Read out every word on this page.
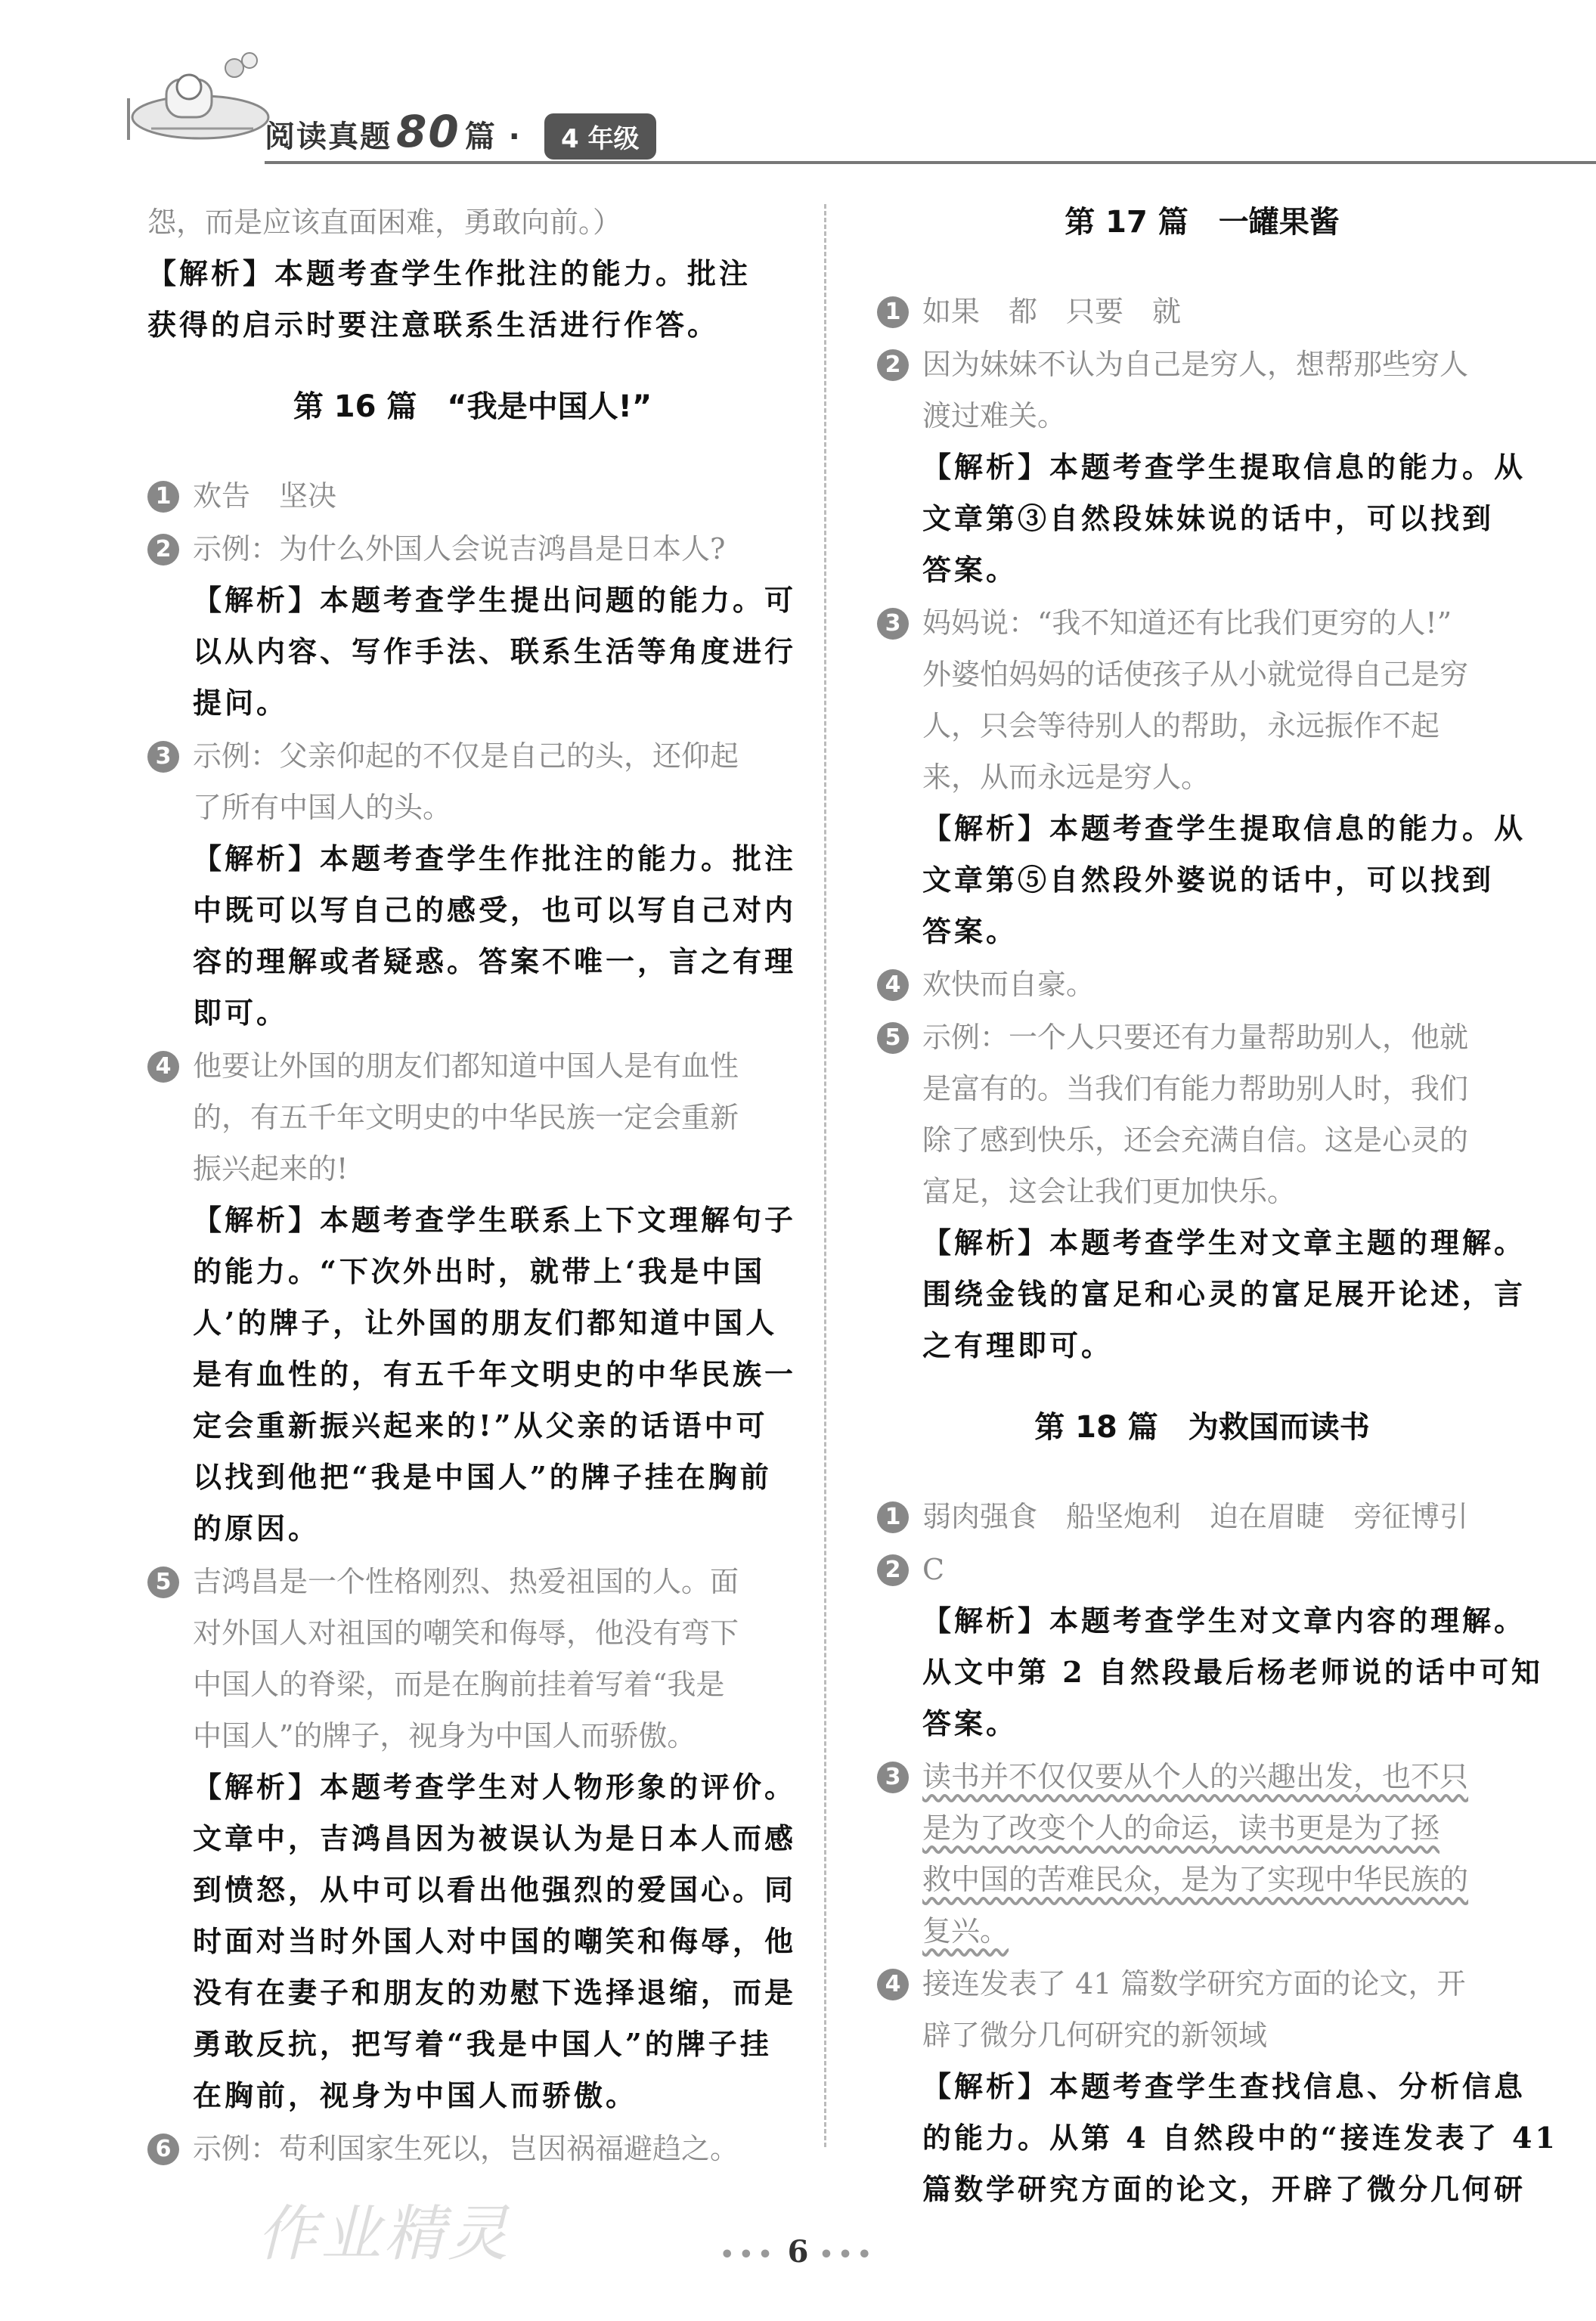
阅读真题 80 篇 ·	4 年级
怨，而是应该直面困难，勇敢向前。）
【解析】本题考查学生作批注的能力。批注
获得的启示时要注意联系生活进行作答。
第 16 篇　“我是中国人!”
1 欢告　坚决
2 示例：为什么外国人会说吉鸿昌是日本人?
【解析】本题考查学生提出问题的能力。可
以从内容、写作手法、联系生活等角度进行
提问。
3 示例：父亲仰起的不仅是自己的头，还仰起
了所有中国人的头。
【解析】本题考查学生作批注的能力。批注
中既可以写自己的感受，也可以写自己对内
容的理解或者疑惑。答案不唯一，言之有理
即可。
4 他要让外国的朋友们都知道中国人是有血性
的，有五千年文明史的中华民族一定会重新
振兴起来的!
【解析】本题考查学生联系上下文理解句子
的能力。“下次外出时，就带上‘我是中国
人’的牌子，让外国的朋友们都知道中国人
是有血性的，有五千年文明史的中华民族一
定会重新振兴起来的!”从父亲的话语中可
以找到他把“我是中国人”的牌子挂在胸前
的原因。
5 吉鸿昌是一个性格刚烈、热爱祖国的人。面
对外国人对祖国的嘲笑和侮辱，他没有弯下
中国人的脊梁，而是在胸前挂着写着“我是
中国人”的牌子，视身为中国人而骄傲。
【解析】本题考查学生对人物形象的评价。
文章中，吉鸿昌因为被误认为是日本人而感
到愤怒，从中可以看出他强烈的爱国心。同
时面对当时外国人对中国的嘲笑和侮辱，他
没有在妻子和朋友的劝慰下选择退缩，而是
勇敢反抗，把写着“我是中国人”的牌子挂
在胸前，视身为中国人而骄傲。
6 示例：苟利国家生死以，岂因祸福避趋之。
第 17 篇　一罐果酱
1 如果　都　只要　就
2 因为妹妹不认为自己是穷人，想帮那些穷人
渡过难关。
【解析】本题考查学生提取信息的能力。从
文章第③自然段妹妹说的话中，可以找到
答案。
3 妈妈说：“我不知道还有比我们更穷的人!”
外婆怕妈妈的话使孩子从小就觉得自己是穷
人，只会等待别人的帮助，永远振作不起
来，从而永远是穷人。
【解析】本题考查学生提取信息的能力。从
文章第⑤自然段外婆说的话中，可以找到
答案。
4 欢快而自豪。
5 示例：一个人只要还有力量帮助别人，他就
是富有的。当我们有能力帮助别人时，我们
除了感到快乐，还会充满自信。这是心灵的
富足，这会让我们更加快乐。
【解析】本题考查学生对文章主题的理解。
围绕金钱的富足和心灵的富足展开论述，言
之有理即可。
第 18 篇　为救国而读书
1 弱肉强食　船坚炮利　迫在眉睫　旁征博引
2 C
【解析】本题考查学生对文章内容的理解。
从文中第 2 自然段最后杨老师说的话中可知
答案。
3 读书并不仅仅要从个人的兴趣出发，也不只
是为了改变个人的命运，读书更是为了拯
救中国的苦难民众，是为了实现中华民族的
复兴。
4 接连发表了 41 篇数学研究方面的论文，开
辟了微分几何研究的新领域
【解析】本题考查学生查找信息、分析信息
的能力。从第 4 自然段中的“接连发表了 41
篇数学研究方面的论文，开辟了微分几何研
作业精灵	••• 6 •••
